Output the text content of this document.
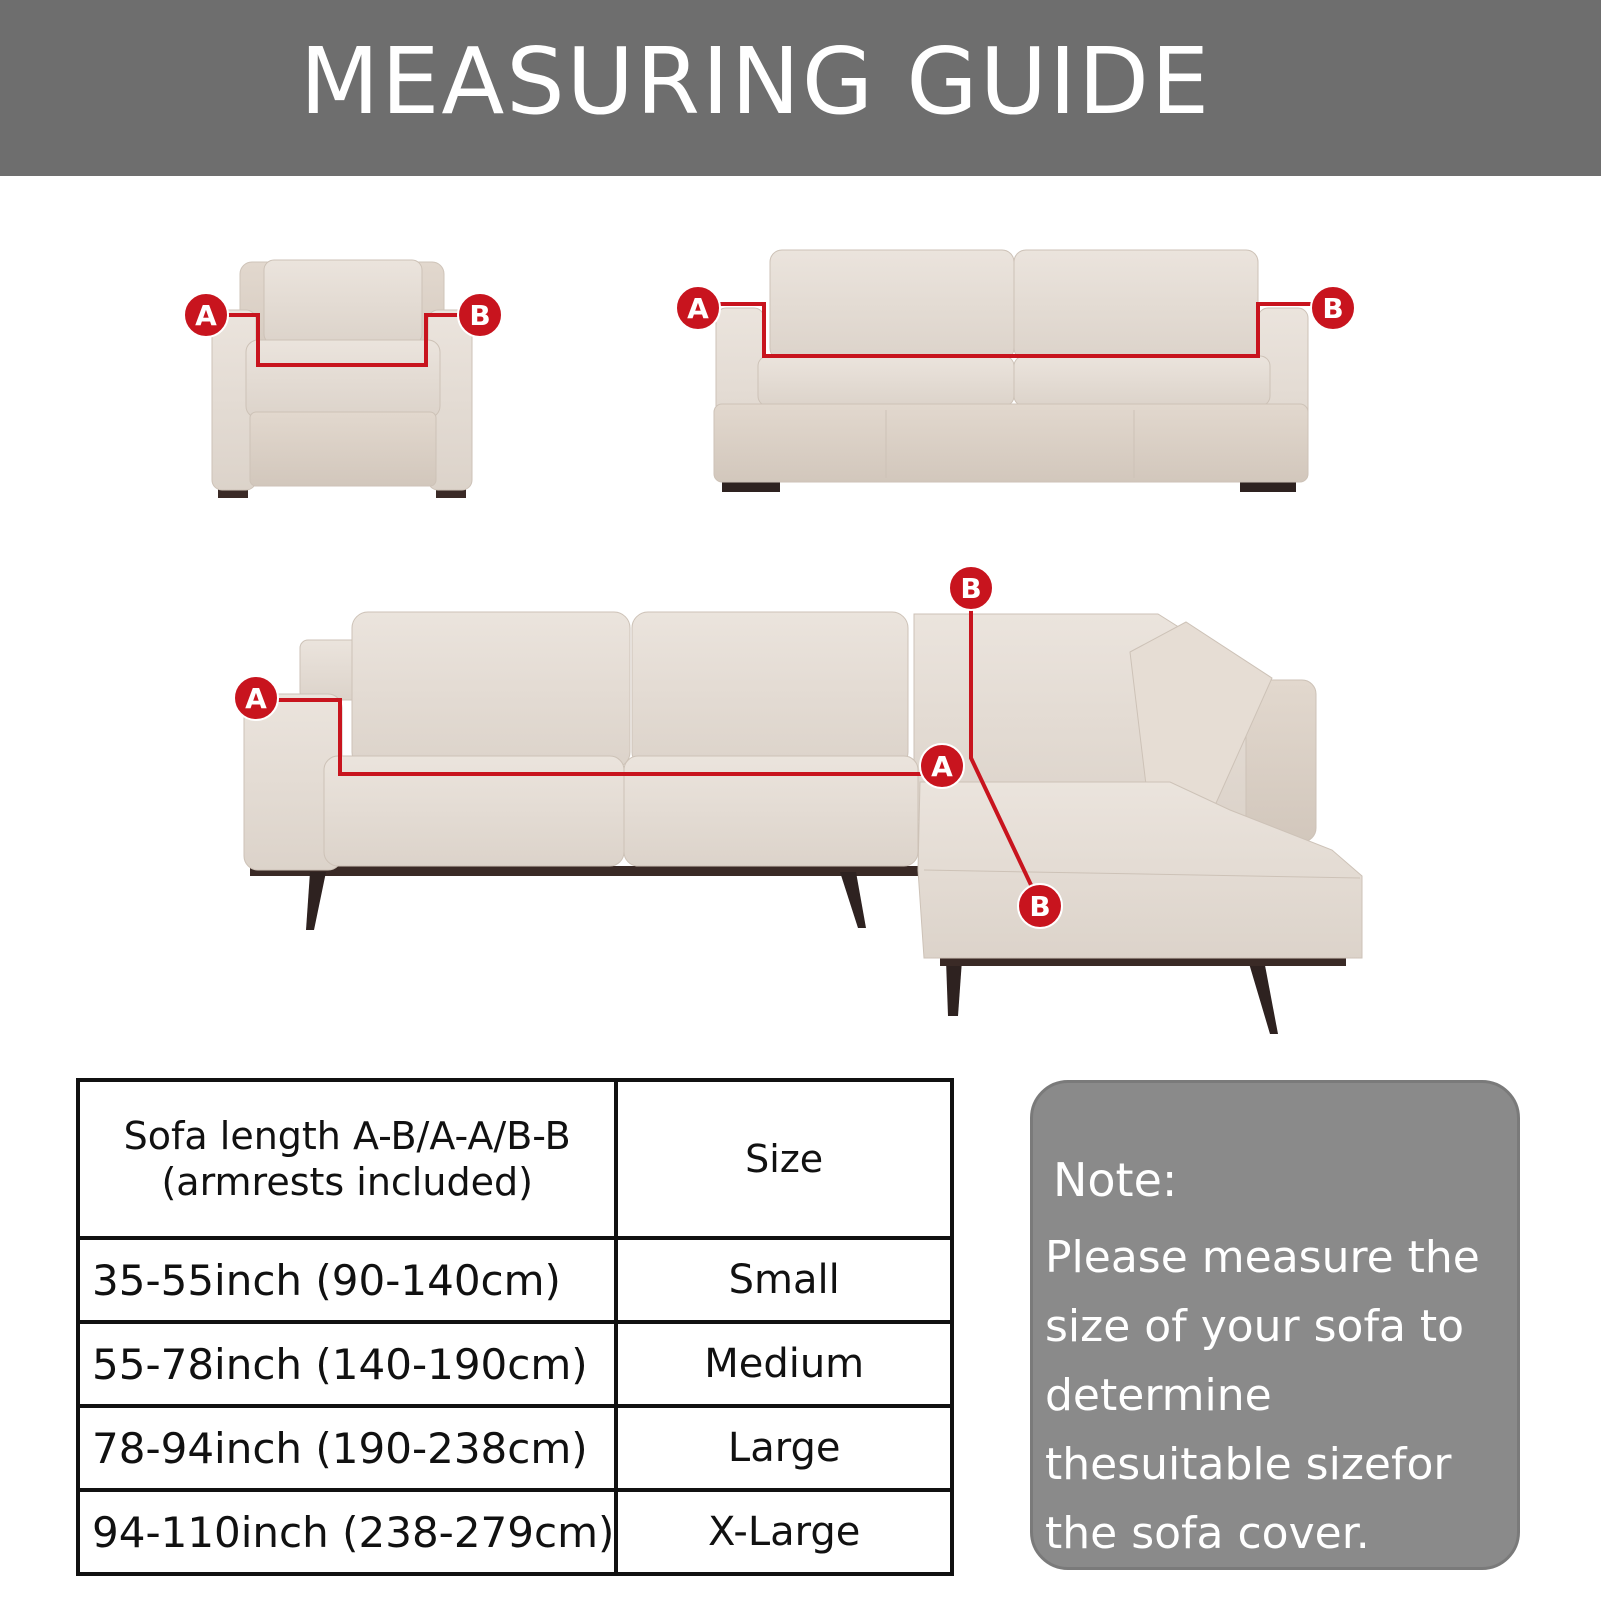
MEASURING GUIDE
A	B	A	B
A
A
B
B
Sofa length A-B/A-A/B-B
(armrests included)	Size
35-55inch (90-140cm)	Small
55-78inch (140-190cm)	Medium
78-94inch (190-238cm)	Large
94-110inch (238-279cm)	X-Large
Note:
Please measure the size of your sofa to determine thesuitable sizefor the sofa cover.
